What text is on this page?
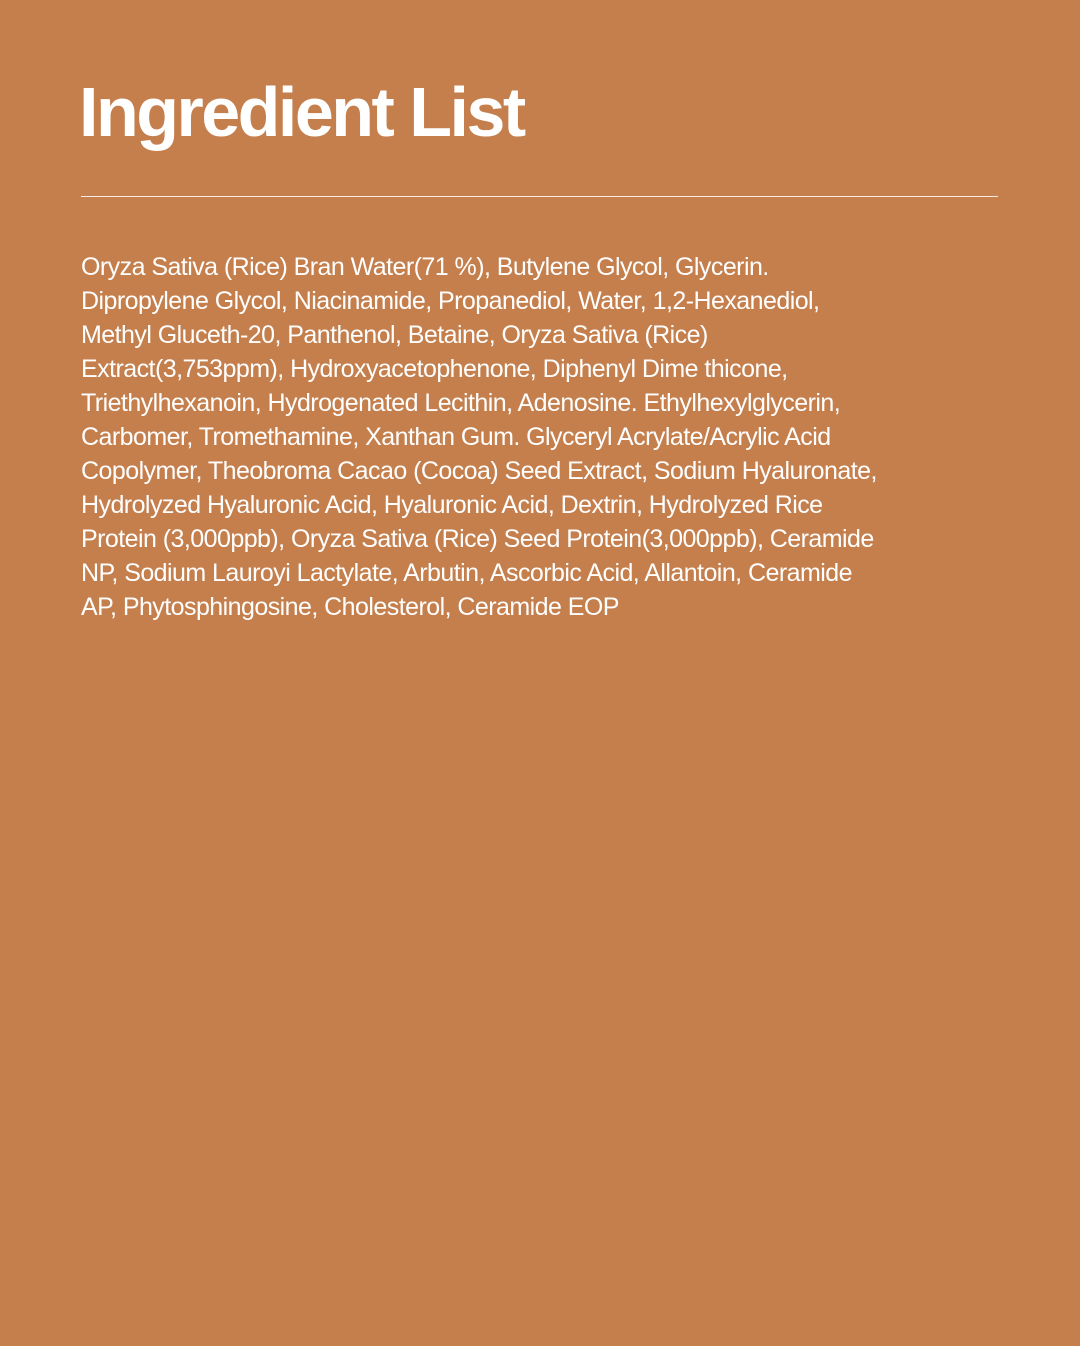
Ingredient List

Oryza Sativa (Rice) Bran Water(71 %), Butylene Glycol, Glycerin.
Dipropylene Glycol, Niacinamide, Propanediol, Water, 1,2-Hexanediol,
Methyl Gluceth-20, Panthenol, Betaine, Oryza Sativa (Rice)
Extract(3,753ppm), Hydroxyacetophenone, Diphenyl Dime thicone,
Triethylhexanoin, Hydrogenated Lecithin, Adenosine. Ethylhexylglycerin,
Carbomer, Tromethamine, Xanthan Gum. Glyceryl Acrylate/Acrylic Acid
Copolymer, Theobroma Cacao (Cocoa) Seed Extract, Sodium Hyaluronate,
Hydrolyzed Hyaluronic Acid, Hyaluronic Acid, Dextrin, Hydrolyzed Rice
Protein (3,000ppb), Oryza Sativa (Rice) Seed Protein(3,000ppb), Ceramide
NP, Sodium Lauroyi Lactylate, Arbutin, Ascorbic Acid, Allantoin, Ceramide
AP, Phytosphingosine, Cholesterol, Ceramide EOP
